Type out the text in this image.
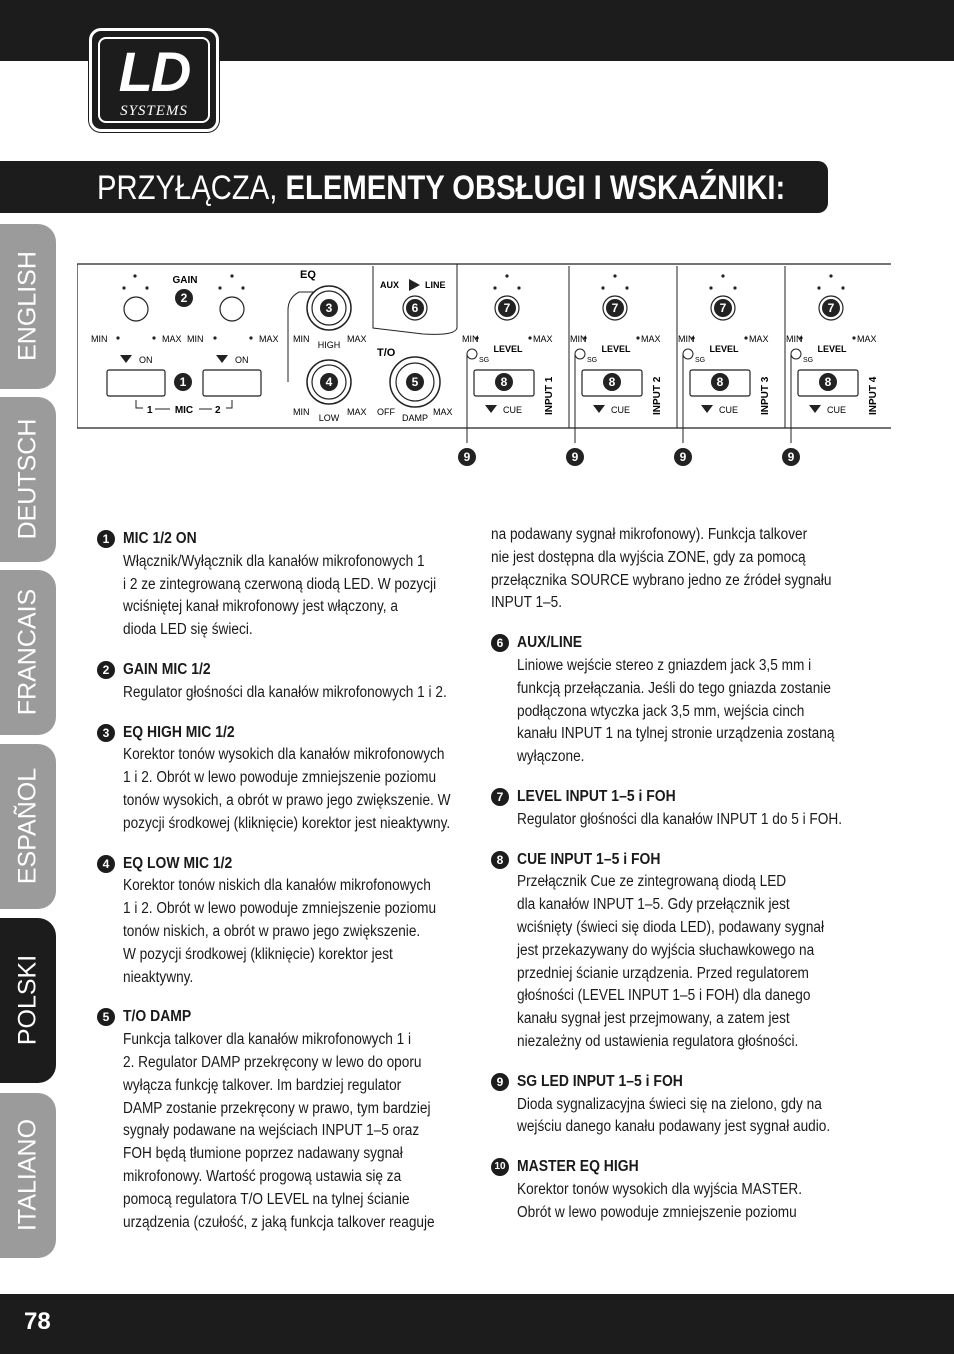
LD
SYSTEMS
PRZYŁĄCZA, ELEMENTY OBSŁUGI I WSKAŹNIKI:
ENGLISH
DEUTSCH
FRANCAIS
ESPAÑOL
POLSKI
ITALIANO
GAIN
2
MIN	MAX MIN	MAX
ON	ON
1
1 MIC 2
EQ
3
MIN
HIGH
MAX
4
MIN
LOW
MAX
AUX	LINE
6
T/O
5
OFF
DAMP
MAX
7
MIN	MAX
LEVEL
SG
8
CUE INPUT 1
9
7
MIN	MAX
LEVEL
SG
8
CUE INPUT 2
9
7
MIN	MAX
LEVEL
SG
8
CUE INPUT 3
9
7
MIN	MAX
LEVEL
SG
8
CUE INPUT 4
9
1 MIC 1/2 ON
Włącznik/Wyłącznik dla kanałów mikrofonowych 1
i 2 ze zintegrowaną czerwoną diodą LED. W pozycji
wciśniętej kanał mikrofonowy jest włączony, a
dioda LED się świeci.
2 GAIN MIC 1/2
Regulator głośności dla kanałów mikrofonowych 1 i 2.
3 EQ HIGH MIC 1/2
Korektor tonów wysokich dla kanałów mikrofonowych
1 i 2. Obrót w lewo powoduje zmniejszenie poziomu
tonów wysokich, a obrót w prawo jego zwiększenie. W
pozycji środkowej (kliknięcie) korektor jest nieaktywny.
4 EQ LOW MIC 1/2
Korektor tonów niskich dla kanałów mikrofonowych
1 i 2. Obrót w lewo powoduje zmniejszenie poziomu
tonów niskich, a obrót w prawo jego zwiększenie.
W pozycji środkowej (kliknięcie) korektor jest
nieaktywny.
5 T/O DAMP
Funkcja talkover dla kanałów mikrofonowych 1 i
2. Regulator DAMP przekręcony w lewo do oporu
wyłącza funkcję talkover. Im bardziej regulator
DAMP zostanie przekręcony w prawo, tym bardziej
sygnały podawane na wejściach INPUT 1–5 oraz
FOH będą tłumione poprzez nadawany sygnał
mikrofonowy. Wartość progową ustawia się za
pomocą regulatora T/O LEVEL na tylnej ścianie
urządzenia (czułość, z jaką funkcja talkover reaguje
na podawany sygnał mikrofonowy). Funkcja talkover
nie jest dostępna dla wyjścia ZONE, gdy za pomocą
przełącznika SOURCE wybrano jedno ze źródeł sygnału
INPUT 1–5.
6 AUX/LINE
Liniowe wejście stereo z gniazdem jack 3,5 mm i
funkcją przełączania. Jeśli do tego gniazda zostanie
podłączona wtyczka jack 3,5 mm, wejścia cinch
kanału INPUT 1 na tylnej stronie urządzenia zostaną
wyłączone.
7 LEVEL INPUT 1–5 i FOH
Regulator głośności dla kanałów INPUT 1 do 5 i FOH.
8 CUE INPUT 1–5 i FOH
Przełącznik Cue ze zintegrowaną diodą LED
dla kanałów INPUT 1–5. Gdy przełącznik jest
wciśnięty (świeci się dioda LED), podawany sygnał
jest przekazywany do wyjścia słuchawkowego na
przedniej ścianie urządzenia. Przed regulatorem
głośności (LEVEL INPUT 1–5 i FOH) dla danego
kanału sygnał jest przejmowany, a zatem jest
niezależny od ustawienia regulatora głośności.
9 SG LED INPUT 1–5 i FOH
Dioda sygnalizacyjna świeci się na zielono, gdy na
wejściu danego kanału podawany jest sygnał audio.
10 MASTER EQ HIGH
Korektor tonów wysokich dla wyjścia MASTER.
Obrót w lewo powoduje zmniejszenie poziomu
78
